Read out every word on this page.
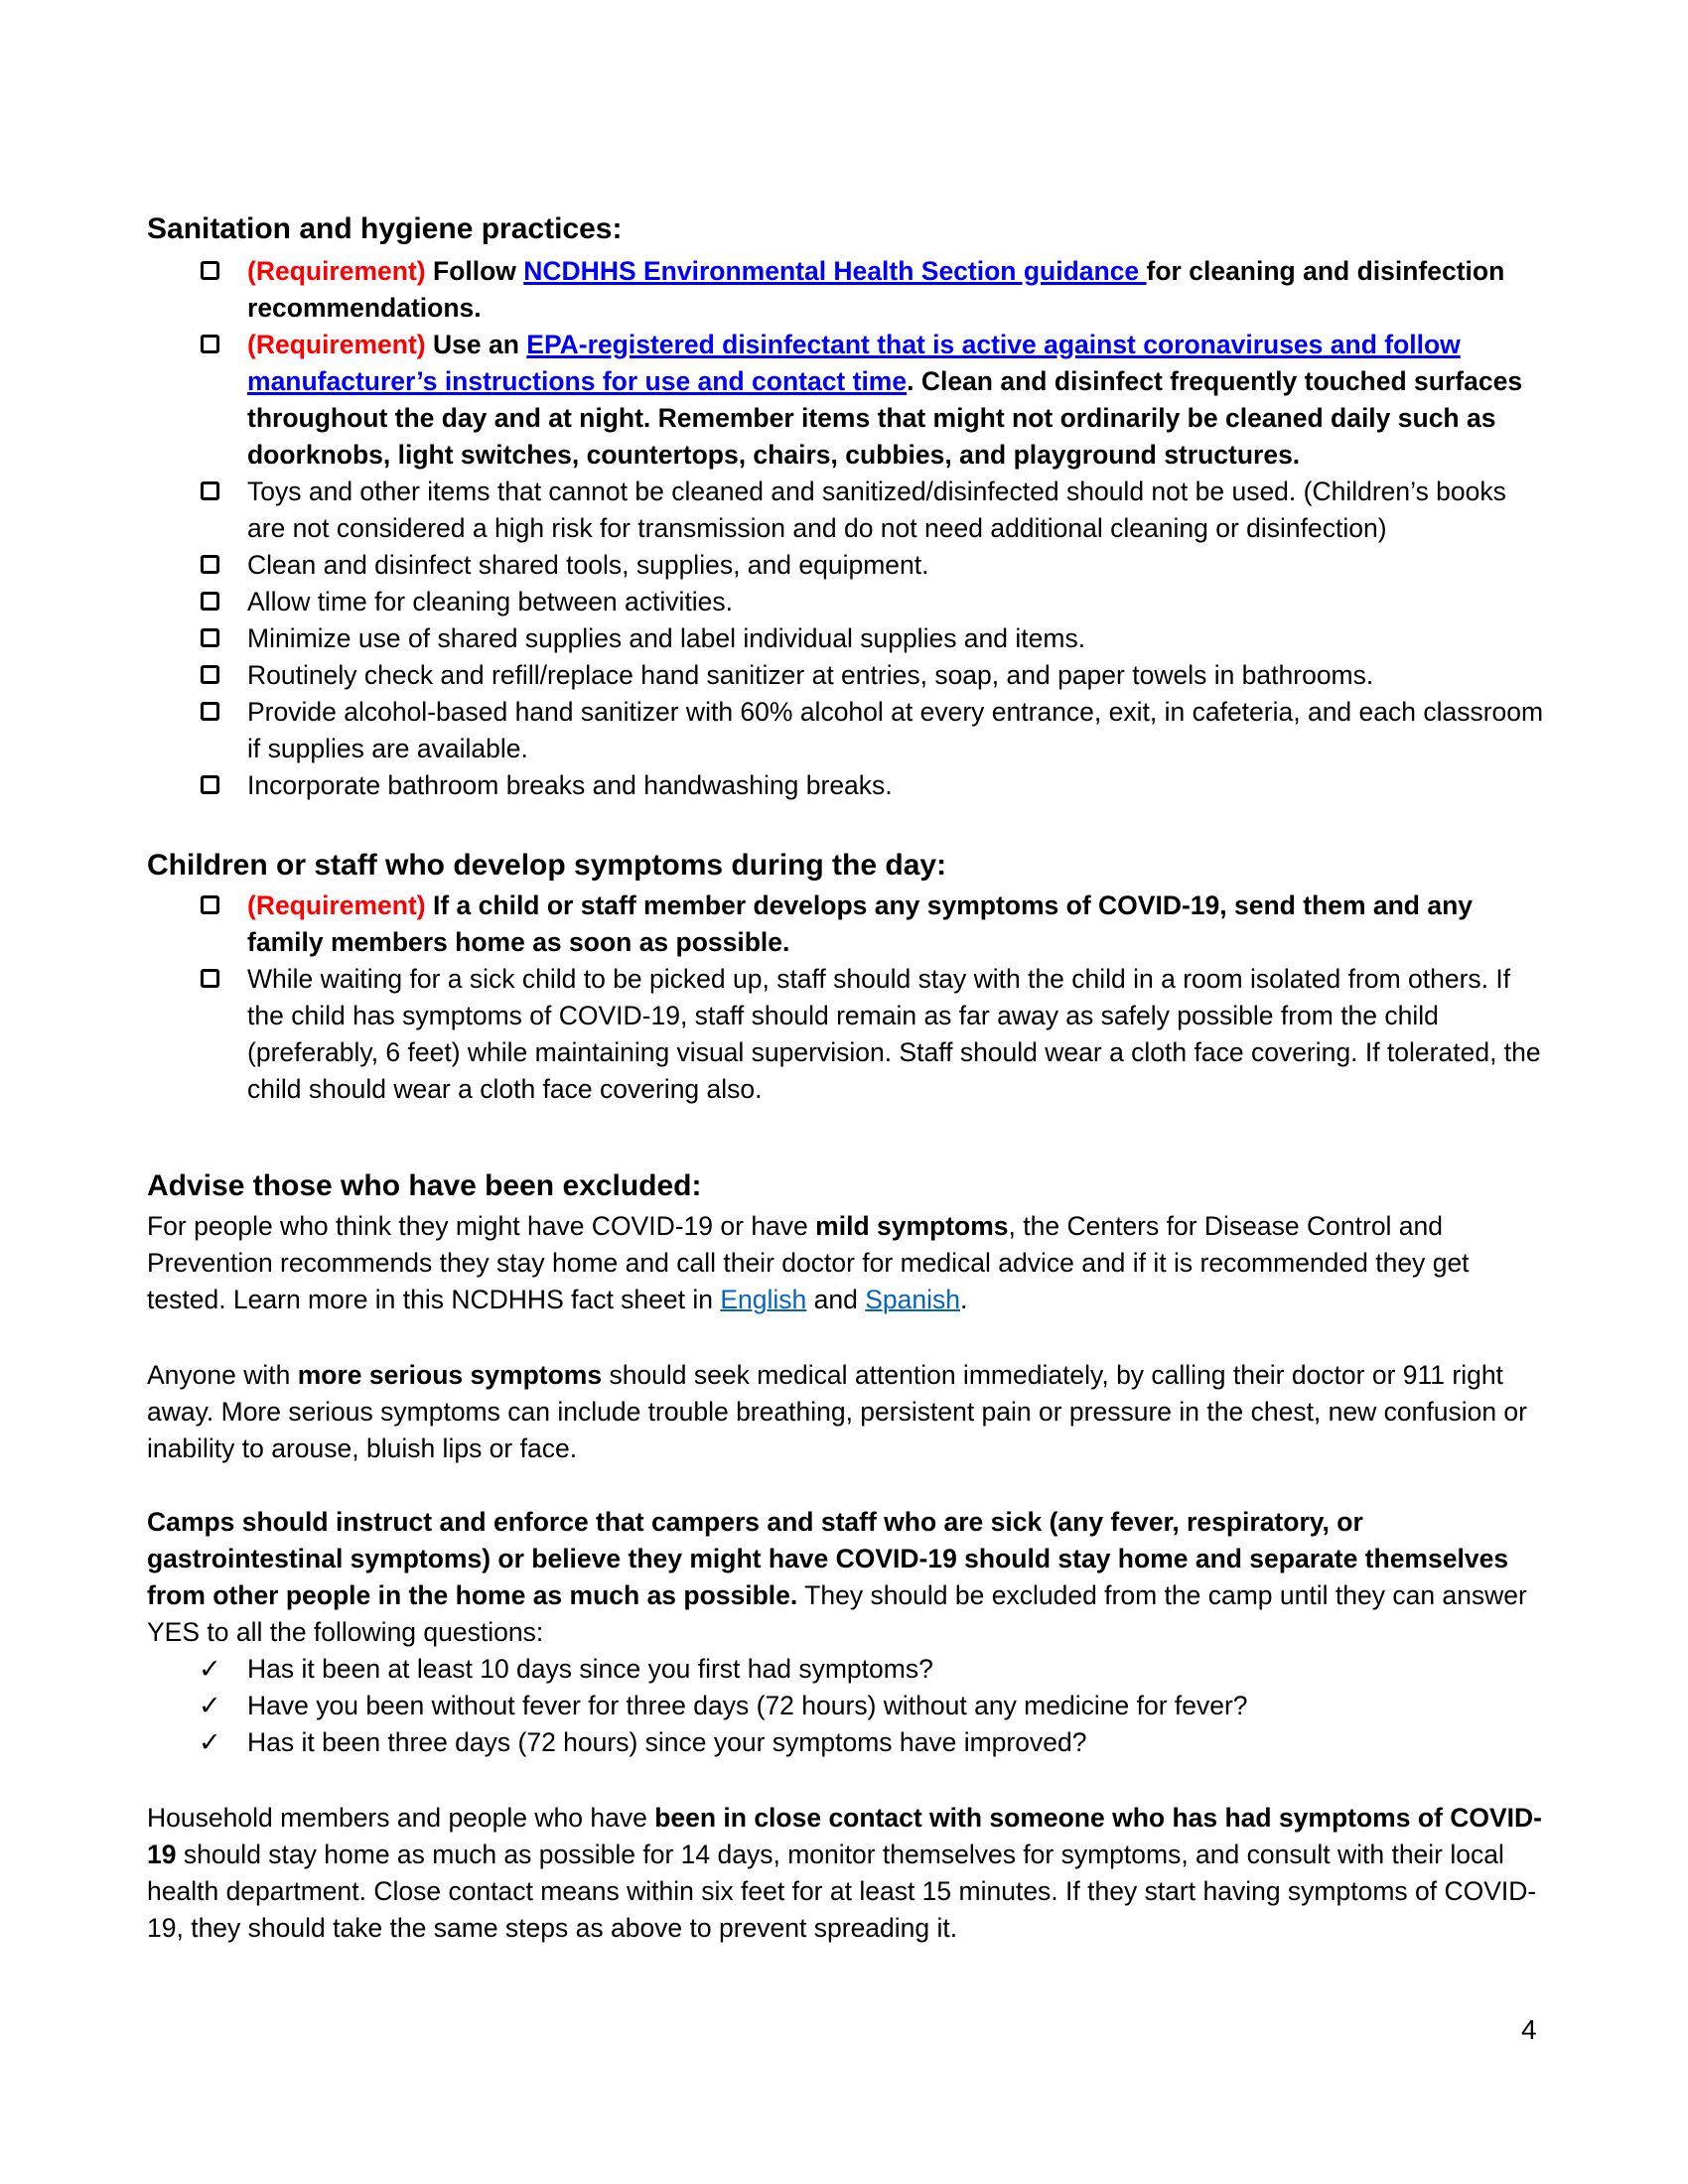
Sanitation and hygiene practices:
(Requirement) Follow NCDHHS Environmental Health Section guidance for cleaning and disinfection recommendations.
(Requirement) Use an EPA-registered disinfectant that is active against coronaviruses and follow manufacturer’s instructions for use and contact time. Clean and disinfect frequently touched surfaces throughout the day and at night. Remember items that might not ordinarily be cleaned daily such as doorknobs, light switches, countertops, chairs, cubbies, and playground structures.
Toys and other items that cannot be cleaned and sanitized/disinfected should not be used. (Children’s books are not considered a high risk for transmission and do not need additional cleaning or disinfection)
Clean and disinfect shared tools, supplies, and equipment.
Allow time for cleaning between activities.
Minimize use of shared supplies and label individual supplies and items.
Routinely check and refill/replace hand sanitizer at entries, soap, and paper towels in bathrooms.
Provide alcohol-based hand sanitizer with 60% alcohol at every entrance, exit, in cafeteria, and each classroom if supplies are available.
Incorporate bathroom breaks and handwashing breaks.
Children or staff who develop symptoms during the day:
(Requirement) If a child or staff member develops any symptoms of COVID-19, send them and any family members home as soon as possible.
While waiting for a sick child to be picked up, staff should stay with the child in a room isolated from others. If the child has symptoms of COVID-19, staff should remain as far away as safely possible from the child (preferably, 6 feet) while maintaining visual supervision. Staff should wear a cloth face covering. If tolerated, the child should wear a cloth face covering also.
Advise those who have been excluded:

For people who think they might have COVID-19 or have mild symptoms, the Centers for Disease Control and Prevention recommends they stay home and call their doctor for medical advice and if it is recommended they get tested. Learn more in this NCDHHS fact sheet in English and Spanish.

Anyone with more serious symptoms should seek medical attention immediately, by calling their doctor or 911 right away. More serious symptoms can include trouble breathing, persistent pain or pressure in the chest, new confusion or inability to arouse, bluish lips or face.

Camps should instruct and enforce that campers and staff who are sick (any fever, respiratory, or gastrointestinal symptoms) or believe they might have COVID-19 should stay home and separate themselves from other people in the home as much as possible. They should be excluded from the camp until they can answer YES to all the following questions:

✓ Has it been at least 10 days since you first had symptoms?
✓ Have you been without fever for three days (72 hours) without any medicine for fever?
✓ Has it been three days (72 hours) since your symptoms have improved?

Household members and people who have been in close contact with someone who has had symptoms of COVID-19 should stay home as much as possible for 14 days, monitor themselves for symptoms, and consult with their local health department. Close contact means within six feet for at least 15 minutes. If they start having symptoms of COVID-19, they should take the same steps as above to prevent spreading it.

4
